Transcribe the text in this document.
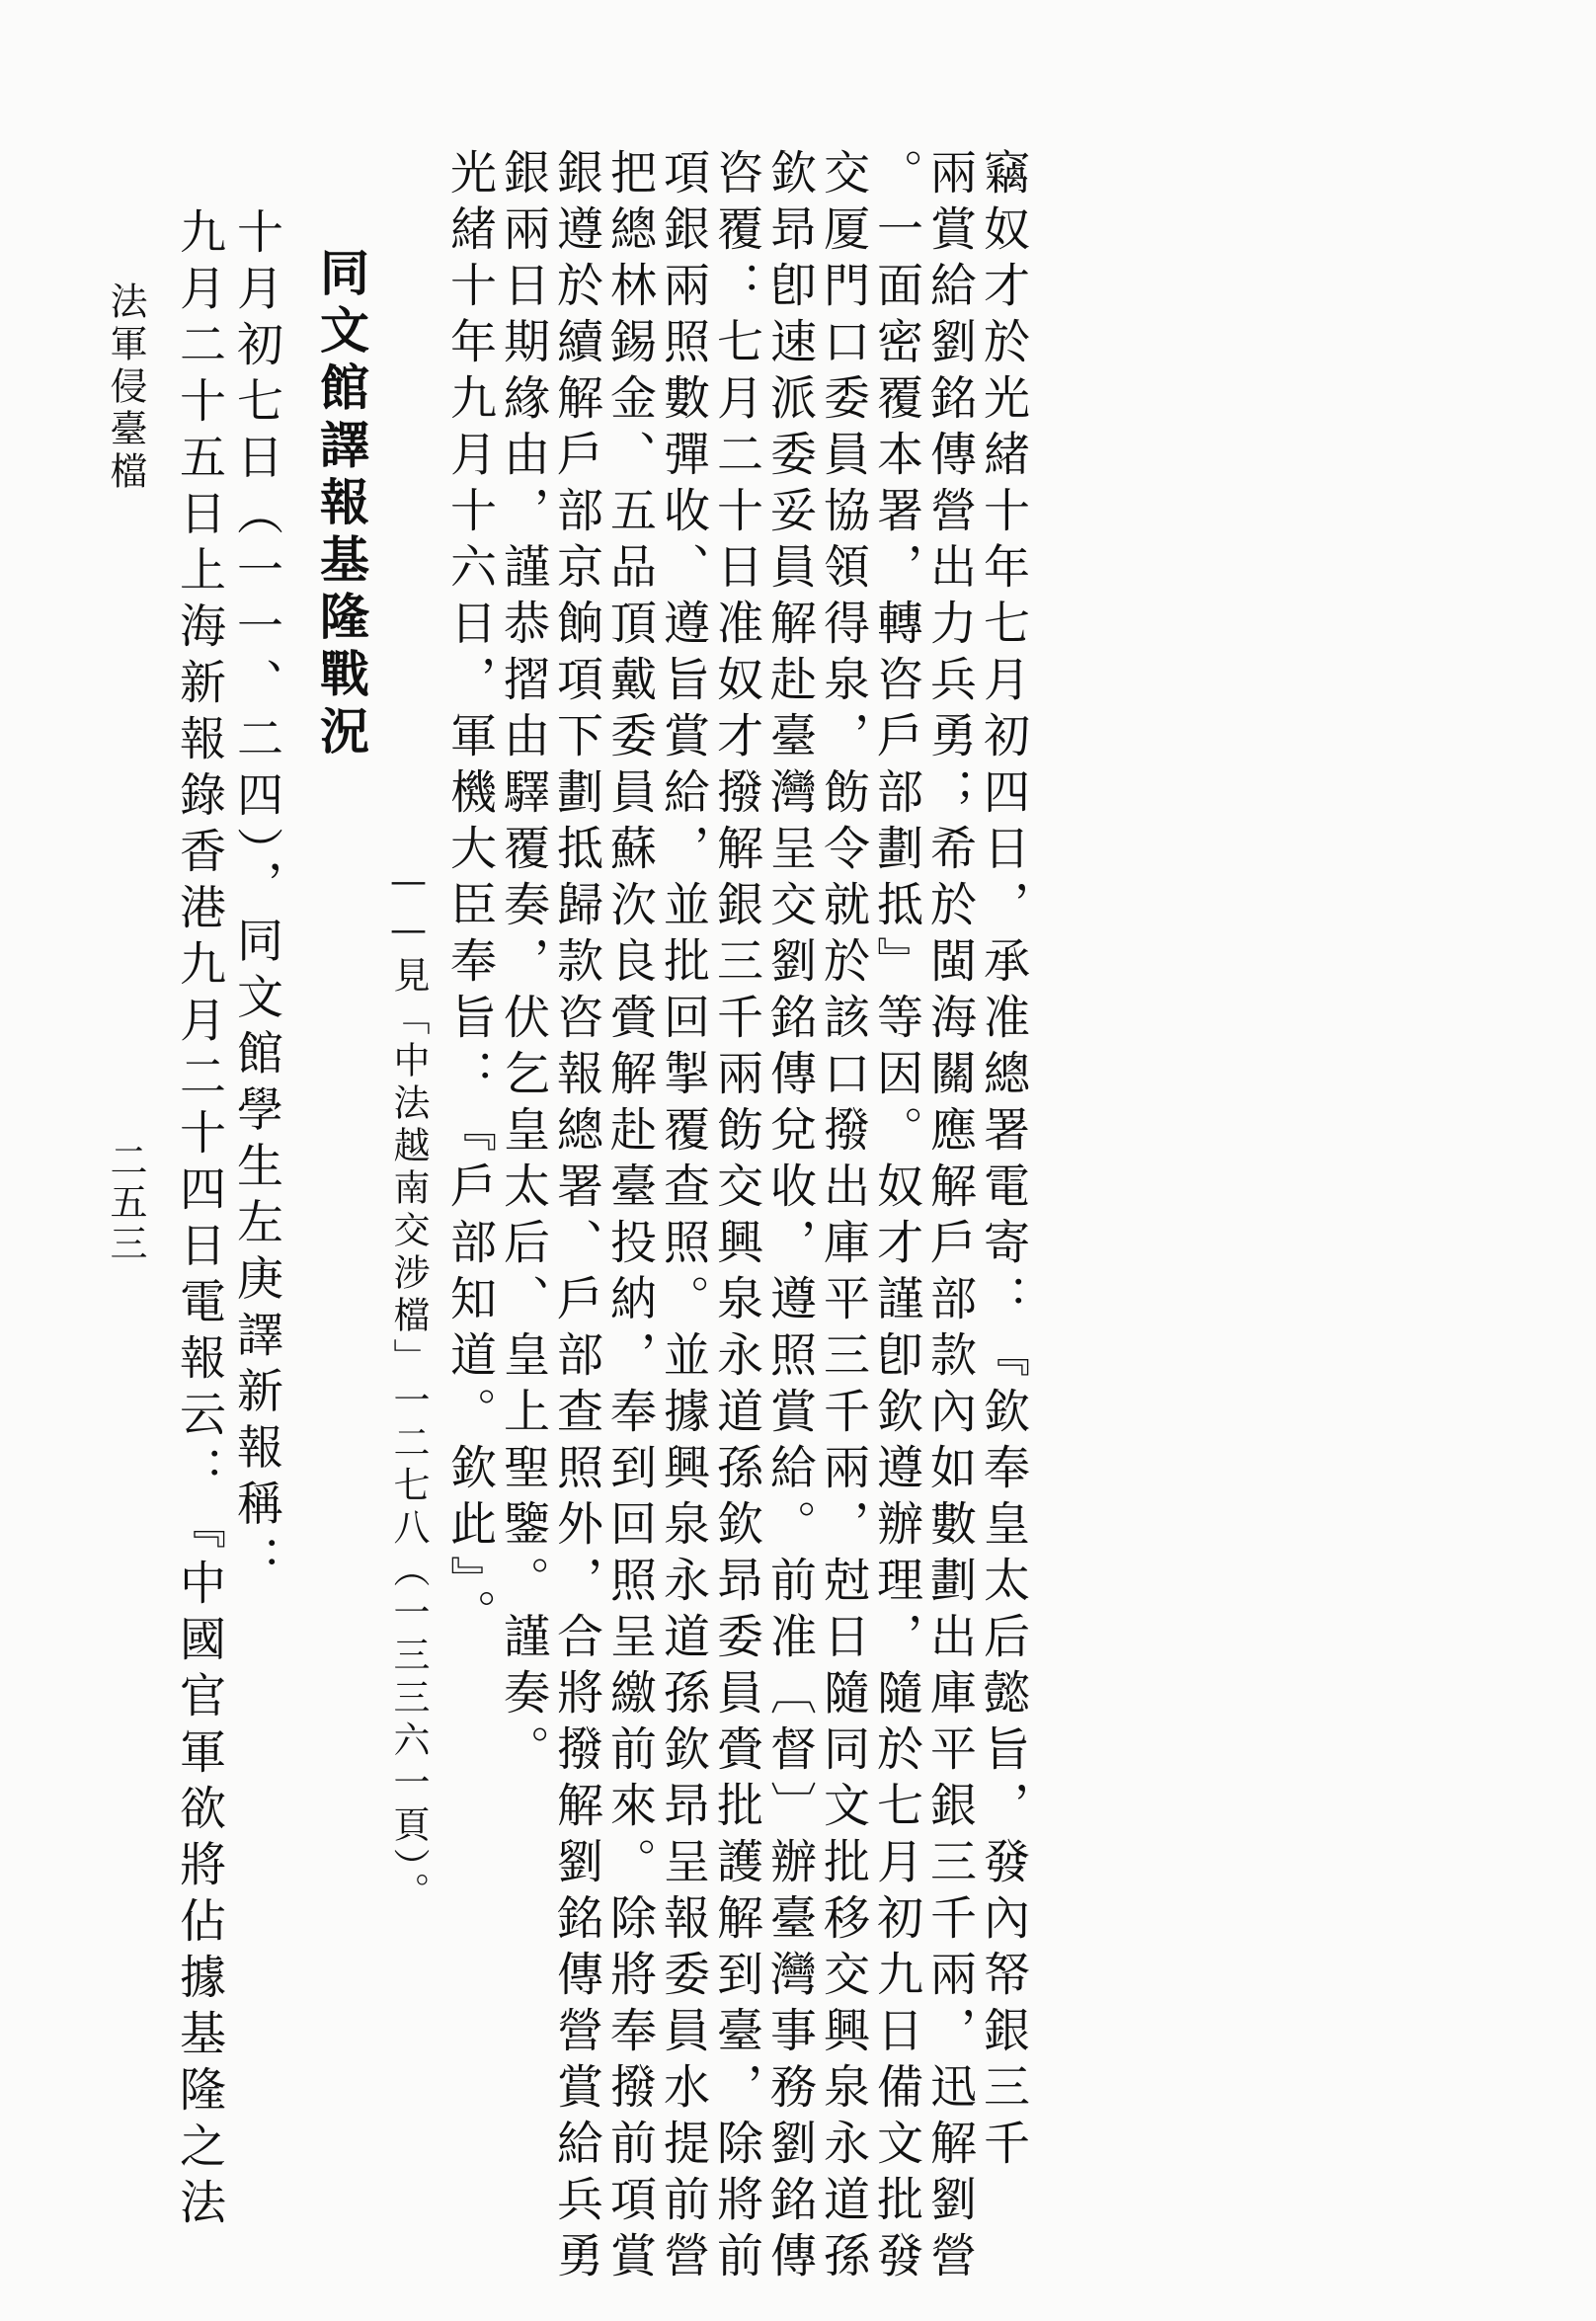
竊奴才於光緒十年七月初四日，承准總署電寄：『欽奉皇太后懿旨，發內帑銀三千
兩賞給劉銘傳營出力兵勇；希於閩海關應解戶部款內如數劃出庫平銀三千兩，迅解劉營
。一面密覆本署，轉咨戶部劃抵』等因。奴才謹卽欽遵辦理，隨於七月初九日備文批發
交厦門口委員協領得泉，飭令就於該口撥出庫平三千兩，尅日隨同文批移交興泉永道孫
欽昻卽速派委妥員解赴臺灣呈交劉銘傳兌收，遵照賞給。前准〔督〕辦臺灣事務劉銘傳
咨覆：七月二十日准奴才撥解銀三千兩飭交興泉永道孫欽昻委員賫批護解到臺，除將前
項銀兩照數彈收、遵旨賞給，並批回掣覆查照。並據興泉永道孫欽昻呈報委員水提前營
把總林錫金、五品頂戴委員蘇㳄良賫解赴臺投納，奉到回照呈繳前來。除將奉撥前項賞
銀遵於續解戶部京餉項下劃抵歸款咨報總署、戶部查照外，合將撥解劉銘傳營賞給兵勇
銀兩日期緣由，謹恭摺由驛覆奏，伏乞皇太后、皇上聖鑒。謹奏。
光緒十年九月十六日，軍機大臣奉旨：『戶部知道。欽此』。
——見「中法越南交涉檔」一二七八（一三三六一頁）。
同文館譯報基隆戰況
十月初七日（一一、二四），同文館學生左庚譯新報稱：
九月二十五日上海新報錄香港九月二十四日電報云：『中國官軍欲將佔據基隆之法
法軍侵臺檔
二五三
